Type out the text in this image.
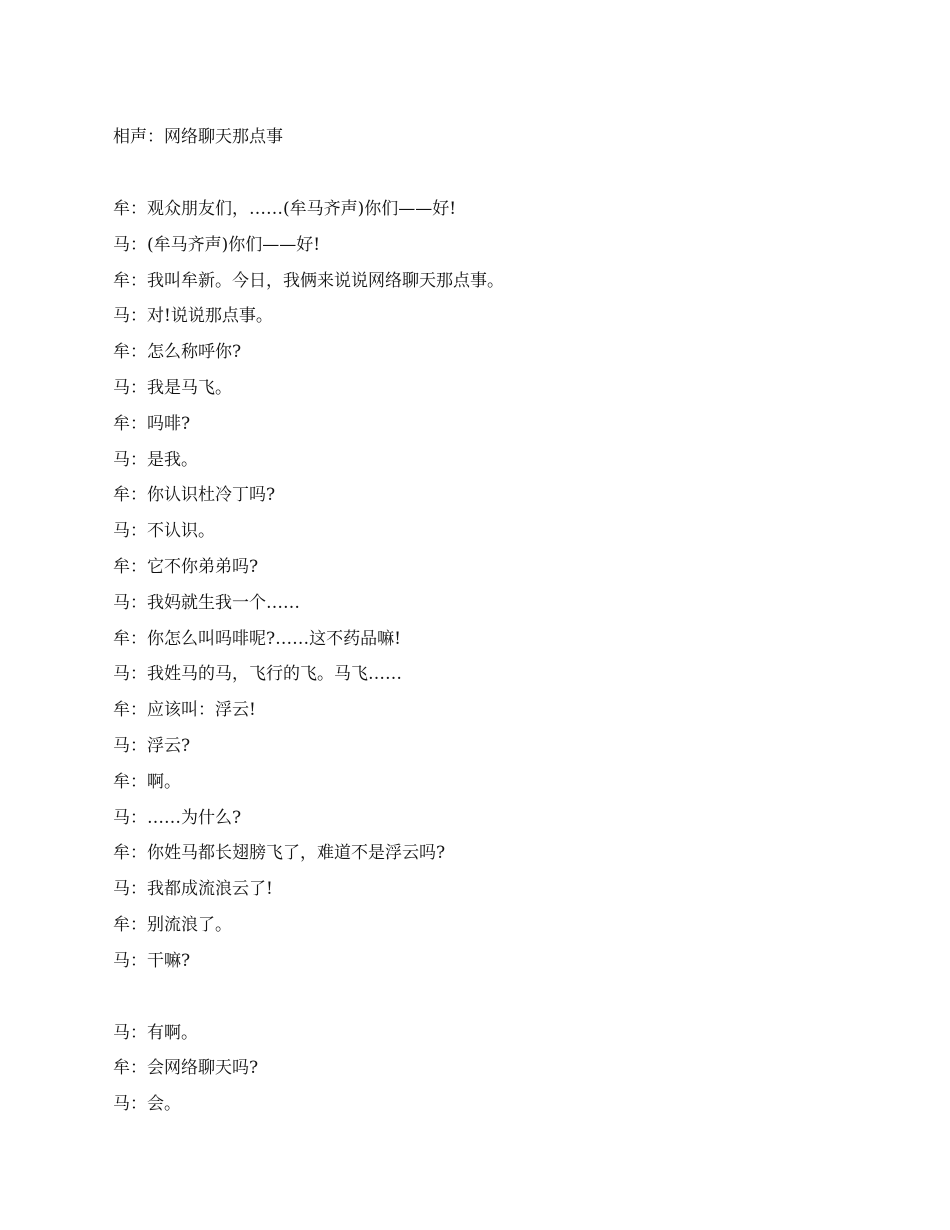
相声：网络聊天那点事
牟：观众朋友们，……(牟马齐声)你们——好!
马：(牟马齐声)你们——好!
牟：我叫牟新。今日，我俩来说说网络聊天那点事。
马：对!说说那点事。
牟：怎么称呼你?
马：我是马飞。
牟：吗啡?
马：是我。
牟：你认识杜冷丁吗?
马：不认识。
牟：它不你弟弟吗?
马：我妈就生我一个……
牟：你怎么叫吗啡呢?……这不药品嘛!
马：我姓马的马，飞行的飞。马飞……
牟：应该叫：浮云!
马：浮云?
牟：啊。
马：……为什么?
牟：你姓马都长翅膀飞了，难道不是浮云吗?
马：我都成流浪云了!
牟：别流浪了。
马：干嘛?
马：有啊。
牟：会网络聊天吗?
马：会。
